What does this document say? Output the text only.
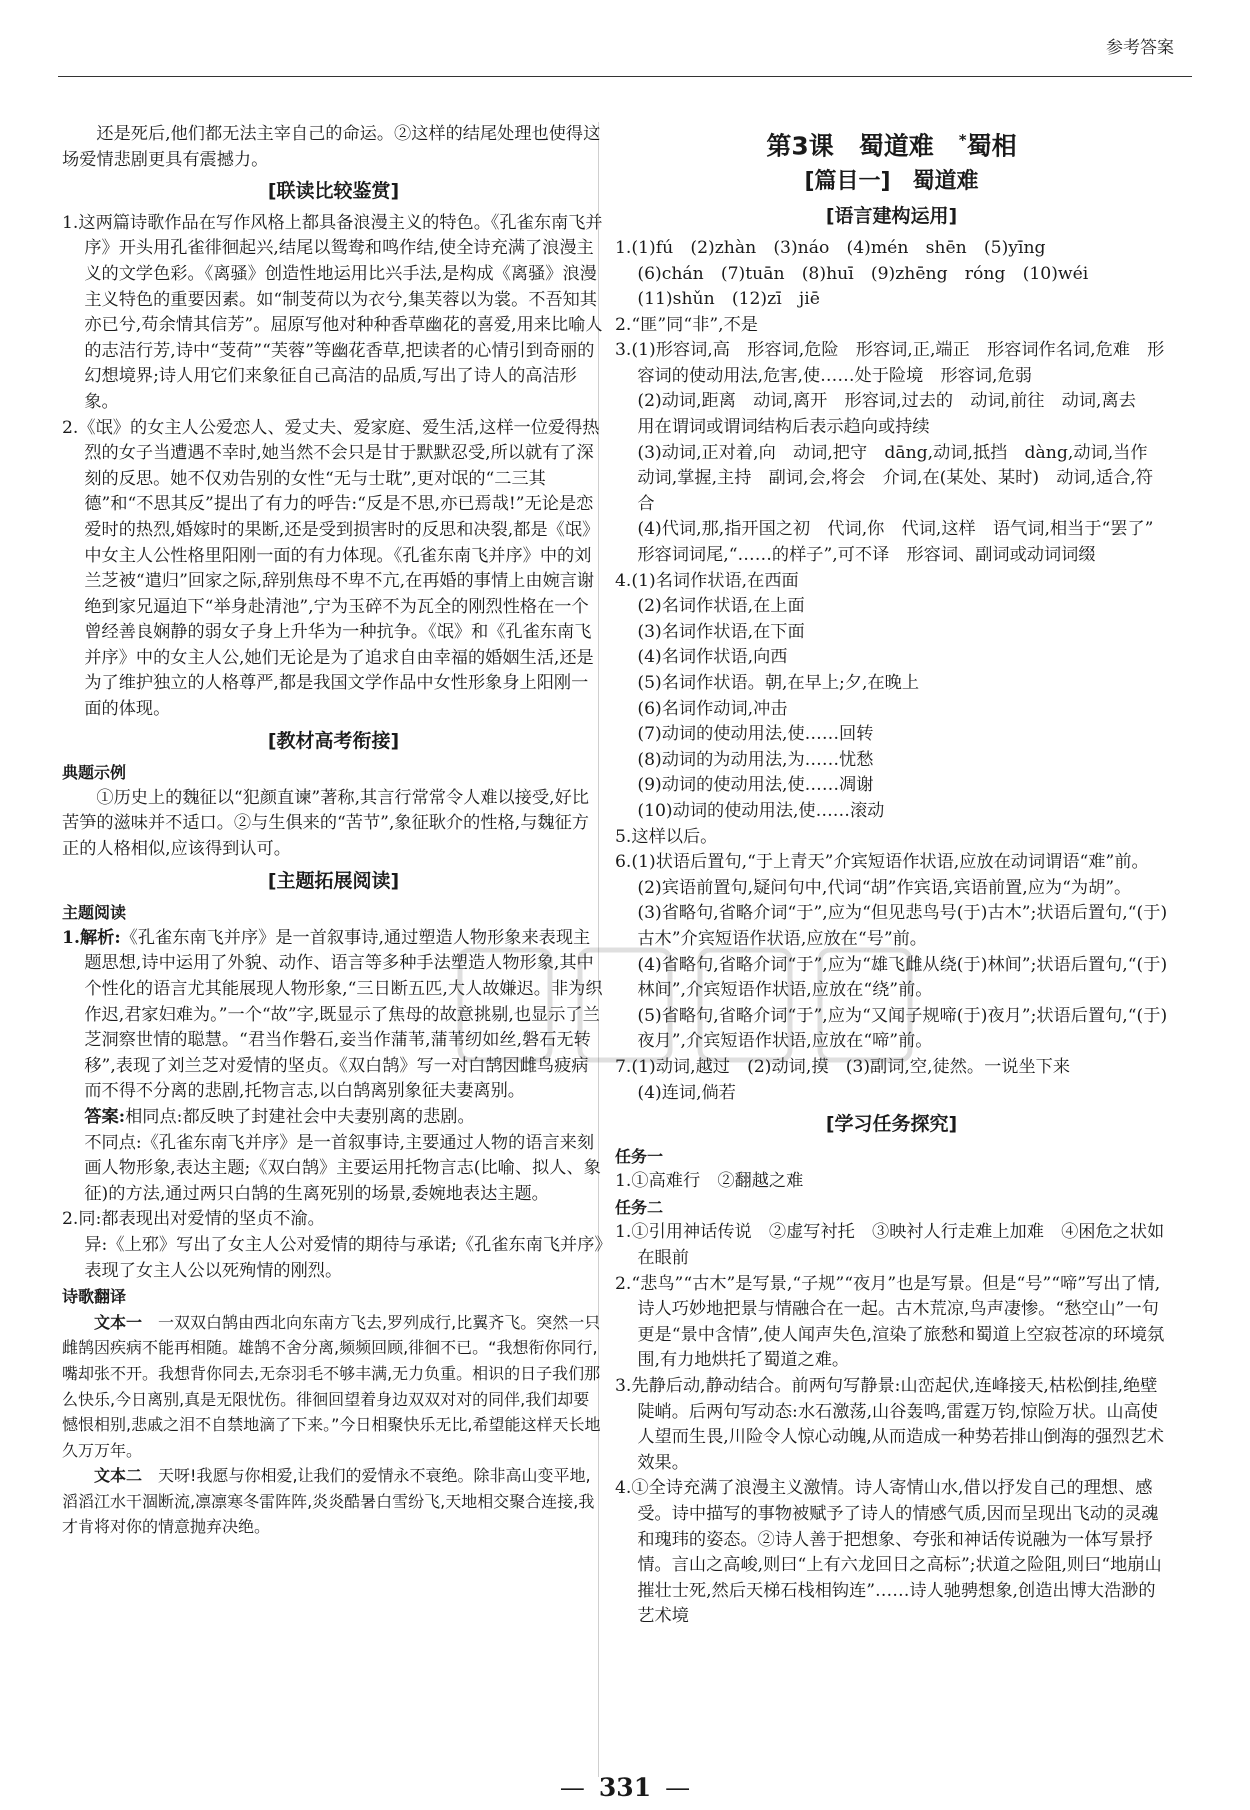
参考答案

还是死后,他们都无法主宰自己的命运。②这样的结尾处理也使得这场爱情悲剧更具有震撼力。

[联读比较鉴赏]

1.这两篇诗歌作品在写作风格上都具备浪漫主义的特色。《孔雀东南飞并序》开头用孔雀徘徊起兴,结尾以鸳鸯和鸣作结,使全诗充满了浪漫主义的文学色彩。《离骚》创造性地运用比兴手法,是构成《离骚》浪漫主义特色的重要因素。如“制芰荷以为衣兮,集芙蓉以为裳。不吾知其亦已兮,苟余情其信芳”。屈原写他对种种香草幽花的喜爱,用来比喻人的志洁行芳,诗中“芰荷”“芙蓉”等幽花香草,把读者的心情引到奇丽的幻想境界;诗人用它们来象征自己高洁的品质,写出了诗人的高洁形象。

2.《氓》的女主人公爱恋人、爱丈夫、爱家庭、爱生活,这样一位爱得热烈的女子当遭遇不幸时,她当然不会只是甘于默默忍受,所以就有了深刻的反思。她不仅劝告别的女性“无与士耽”,更对氓的“二三其德”和“不思其反”提出了有力的呼告:“反是不思,亦已焉哉!”无论是恋爱时的热烈,婚嫁时的果断,还是受到损害时的反思和决裂,都是《氓》中女主人公性格里阳刚一面的有力体现。《孔雀东南飞并序》中的刘兰芝被“遣归”回家之际,辞别焦母不卑不亢,在再婚的事情上由婉言谢绝到家兄逼迫下“举身赴清池”,宁为玉碎不为瓦全的刚烈性格在一个曾经善良娴静的弱女子身上升华为一种抗争。《氓》和《孔雀东南飞并序》中的女主人公,她们无论是为了追求自由幸福的婚姻生活,还是为了维护独立的人格尊严,都是我国文学作品中女性形象身上阳刚一面的体现。

[教材高考衔接]

典题示例

①历史上的魏征以“犯颜直谏”著称,其言行常常令人难以接受,好比苦笋的滋味并不适口。②与生俱来的“苦节”,象征耿介的性格,与魏征方正的人格相似,应该得到认可。

[主题拓展阅读]

主题阅读

1.解析:《孔雀东南飞并序》是一首叙事诗,通过塑造人物形象来表现主题思想,诗中运用了外貌、动作、语言等多种手法塑造人物形象,其中个性化的语言尤其能展现人物形象,“三日断五匹,大人故嫌迟。非为织作迟,君家妇难为。”一个“故”字,既显示了焦母的故意挑剔,也显示了兰芝洞察世情的聪慧。“君当作磐石,妾当作蒲苇,蒲苇纫如丝,磐石无转移”,表现了刘兰芝对爱情的坚贞。《双白鹄》写一对白鹄因雌鸟疲病而不得不分离的悲剧,托物言志,以白鹄离别象征夫妻离别。

答案:相同点:都反映了封建社会中夫妻别离的悲剧。

不同点:《孔雀东南飞并序》是一首叙事诗,主要通过人物的语言来刻画人物形象,表达主题;《双白鹄》主要运用托物言志(比喻、拟人、象征)的方法,通过两只白鹄的生离死别的场景,委婉地表达主题。

2.同:都表现出对爱情的坚贞不渝。

异:《上邪》写出了女主人公对爱情的期待与承诺;《孔雀东南飞并序》表现了女主人公以死殉情的刚烈。

诗歌翻译

文本一　 一双双白鹄由西北向东南方飞去,罗列成行,比翼齐飞。突然一只雌鹄因疾病不能再相随。雄鹄不舍分离,频频回顾,徘徊不已。“我想衔你同行,嘴却张不开。我想背你同去,无奈羽毛不够丰满,无力负重。相识的日子我们那么快乐,今日离别,真是无限忧伤。徘徊回望着身边双双对对的同伴,我们却要憾恨相别,悲戚之泪不自禁地滴了下来。”今日相聚快乐无比,希望能这样天长地久万万年。

文本二　 天呀!我愿与你相爱,让我们的爱情永不衰绝。除非高山变平地,滔滔江水干涸断流,凛凛寒冬雷阵阵,炎炎酷暑白雪纷飞,天地相交聚合连接,我才肯将对你的情意抛弃决绝。

第3课　蜀道难　 *蜀相
[篇目一]　蜀道难
[语言建构运用]

1.(1)fú　(2)zhàn　(3)náo　(4)mén　shēn　(5)yīng

(6)chán　(7)tuān　(8)huī　(9)zhēng　róng　(10)wéi

(11)shǔn　(12)zī　jiē

2.“匪”同“非”,不是

3.(1)形容词,高　形容词,危险　形容词,正,端正　形容词作名词,危难　形容词的使动用法,危害,使……处于险境　形容词,危弱

(2)动词,距离　动词,离开　形容词,过去的　动词,前往　动词,离去　用在谓词或谓词结构后表示趋向或持续

(3)动词,正对着,向　动词,把守　dāng,动词,抵挡　dàng,动词,当作　动词,掌握,主持　副词,会,将会　介词,在(某处、某时)　动词,适合,符合

(4)代词,那,指开国之初　代词,你　代词,这样　语气词,相当于“罢了”　形容词词尾,“……的样子”,可不译　形容词、副词或动词词缀

4.(1)名词作状语,在西面

(2)名词作状语,在上面

(3)名词作状语,在下面

(4)名词作状语,向西

(5)名词作状语。朝,在早上;夕,在晚上

(6)名词作动词,冲击

(7)动词的使动用法,使……回转

(8)动词的为动用法,为……忧愁

(9)动词的使动用法,使……凋谢

(10)动词的使动用法,使……滚动

5.这样以后。

6.(1)状语后置句,“于上青天”介宾短语作状语,应放在动词谓语“难”前。

(2)宾语前置句,疑问句中,代词“胡”作宾语,宾语前置,应为“为胡”。

(3)省略句,省略介词“于”,应为“但见悲鸟号(于)古木”;状语后置句,“(于)古木”介宾短语作状语,应放在“号”前。

(4)省略句,省略介词“于”,应为“雄飞雌从绕(于)林间”;状语后置句,“(于)林间”,介宾短语作状语,应放在“绕”前。

(5)省略句,省略介词“于”,应为“又闻子规啼(于)夜月”;状语后置句,“(于)夜月”,介宾短语作状语,应放在“啼”前。

7.(1)动词,越过　(2)动词,摸　(3)副词,空,徒然。一说坐下来

(4)连词,倘若

[学习任务探究]

任务一

1.①高难行　②翻越之难

任务二

1.①引用神话传说　②虚写衬托　③映衬人行走难上加难　④困危之状如在眼前

2.“悲鸟”“古木”是写景,“子规”“夜月”也是写景。但是“号”“啼”写出了情,诗人巧妙地把景与情融合在一起。古木荒凉,鸟声凄惨。“愁空山”一句更是“景中含情”,使人闻声失色,渲染了旅愁和蜀道上空寂苍凉的环境氛围,有力地烘托了蜀道之难。

3.先静后动,静动结合。前两句写静景:山峦起伏,连峰接天,枯松倒挂,绝壁陡峭。后两句写动态:水石激荡,山谷轰鸣,雷霆万钧,惊险万状。山高使人望而生畏,川险令人惊心动魄,从而造成一种势若排山倒海的强烈艺术效果。

4.①全诗充满了浪漫主义激情。诗人寄情山水,借以抒发自己的理想、感受。诗中描写的事物被赋予了诗人的情感气质,因而呈现出飞动的灵魂和瑰玮的姿态。②诗人善于把想象、夸张和神话传说融为一体写景抒情。言山之高峻,则曰“上有六龙回日之高标”;状道之险阻,则曰“地崩山摧壮士死,然后天梯石栈相钩连”……诗人驰骋想象,创造出博大浩渺的艺术境

— 331 —
